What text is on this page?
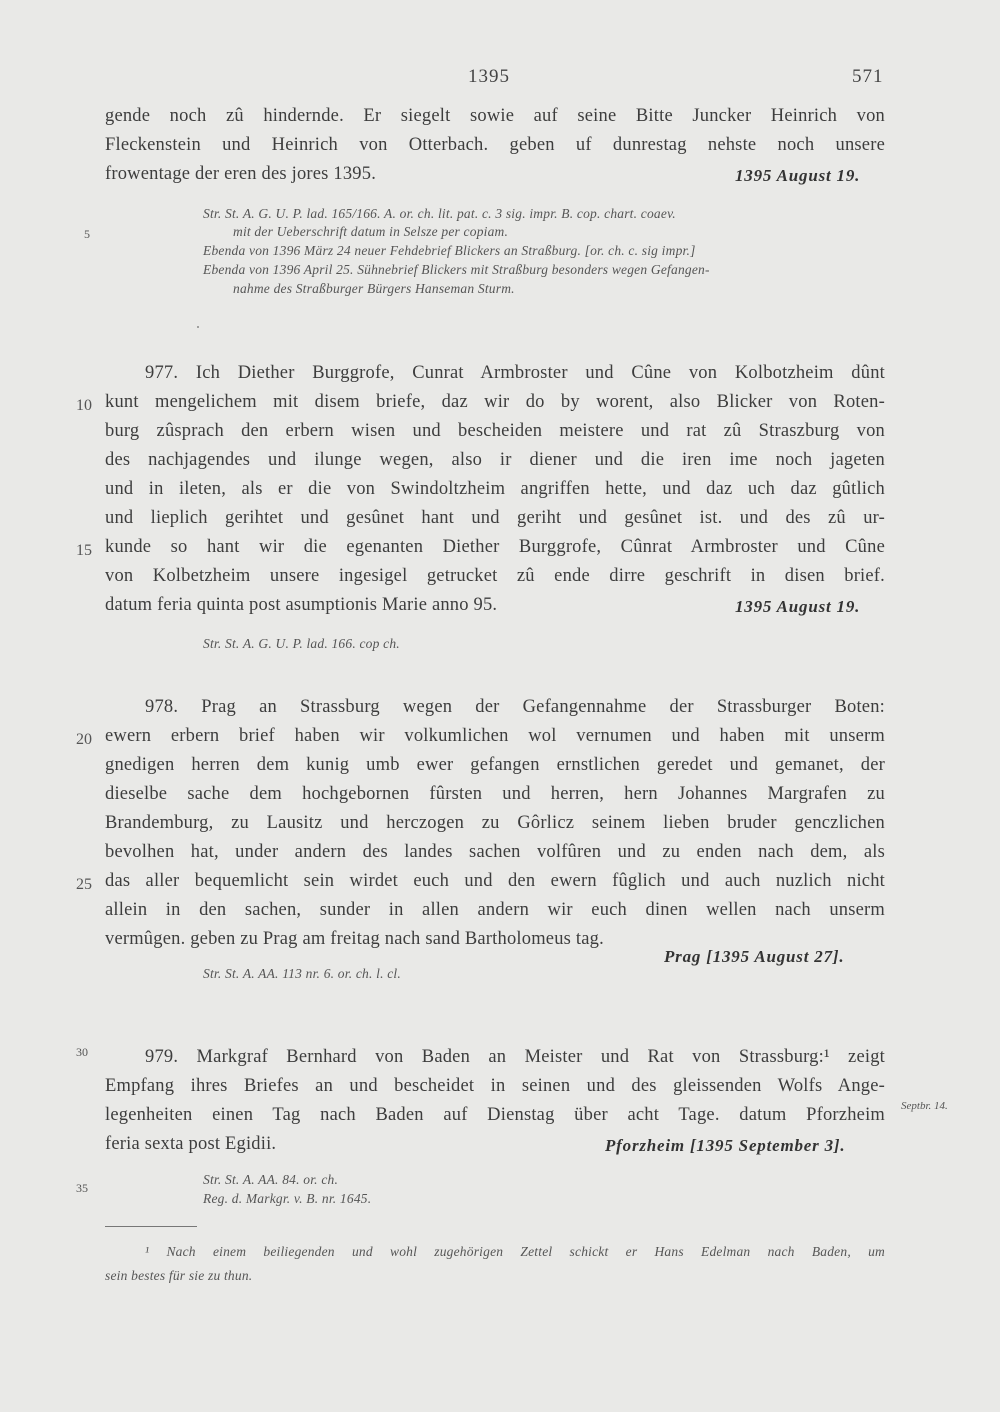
1395	571
gende noch zû hindernde. Er siegelt sowie auf seine Bitte Juncker Heinrich von
Fleckenstein und Heinrich von Otterbach. geben uf dunrestag nehste noch unsere
frowentage der eren des jores 1395.	1395 August 19.
Str. St. A. G. U. P. lad. 165/166. A. or. ch. lit. pat. c. 3 sig. impr. B. cop. chart. coaev.
mit der Ueberschrift datum in Selsze per copiam.
Ebenda von 1396 März 24 neuer Fehdebrief Blickers an Straßburg. [or. ch. c. sig impr.]
Ebenda von 1396 April 25. Sühnebrief Blickers mit Straßburg besonders wegen Gefangen-
nahme des Straßburger Bürgers Hanseman Sturm.
977. Ich Diether Burggrofe, Cunrat Armbroster und Cûne von Kolbotzheim dûnt
kunt mengelichem mit disem briefe, daz wir do by worent, also Blicker von Roten-
burg zûsprach den erbern wisen und bescheiden meistere und rat zû Straszburg von
des nachjagendes und ilunge wegen, also ir diener und die iren ime noch jageten
und in ileten, als er die von Swindoltzheim angriffen hette, und daz uch daz gûtlich
und lieplich gerihtet und gesûnet hant und geriht und gesûnet ist. und des zû ur-
kunde so hant wir die egenanten Diether Burggrofe, Cûnrat Armbroster und Cûne
von Kolbetzheim unsere ingesigel getrucket zû ende dirre geschrift in disen brief.
datum feria quinta post asumptionis Marie anno 95.	1395 August 19.
Str. St. A. G. U. P. lad. 166. cop ch.
978. Prag an Strassburg wegen der Gefangennahme der Strassburger Boten:
ewern erbern brief haben wir volkumlichen wol vernumen und haben mit unserm
gnedigen herren dem kunig umb ewer gefangen ernstlichen geredet und gemanet, der
dieselbe sache dem hochgebornen fûrsten und herren, hern Johannes Margrafen zu
Brandemburg, zu Lausitz und herczogen zu Gôrlicz seinem lieben bruder genczlichen
bevolhen hat, under andern des landes sachen volfûren und zu enden nach dem, als
das aller bequemlicht sein wirdet euch und den ewern fûglich und auch nuzlich nicht
allein in den sachen, sunder in allen andern wir euch dinen wellen nach unserm
vermûgen. geben zu Prag am freitag nach sand Bartholomeus tag.
Prag [1395 August 27].
Str. St. A. AA. 113 nr. 6. or. ch. l. cl.
979. Markgraf Bernhard von Baden an Meister und Rat von Strassburg:¹ zeigt
Empfang ihres Briefes an und bescheidet in seinen und des gleissenden Wolfs Ange-
legenheiten einen Tag nach Baden auf Dienstag über acht Tage. datum Pforzheim
feria sexta post Egidii.	Pforzheim [1395 September 3].
Septbr. 14.
Str. St. A. AA. 84. or. ch.
Reg. d. Markgr. v. B. nr. 1645.
¹ Nach einem beiliegenden und wohl zugehörigen Zettel schickt er Hans Edelman nach Baden, um
sein bestes für sie zu thun.
5
10
15
20
25
30
35
